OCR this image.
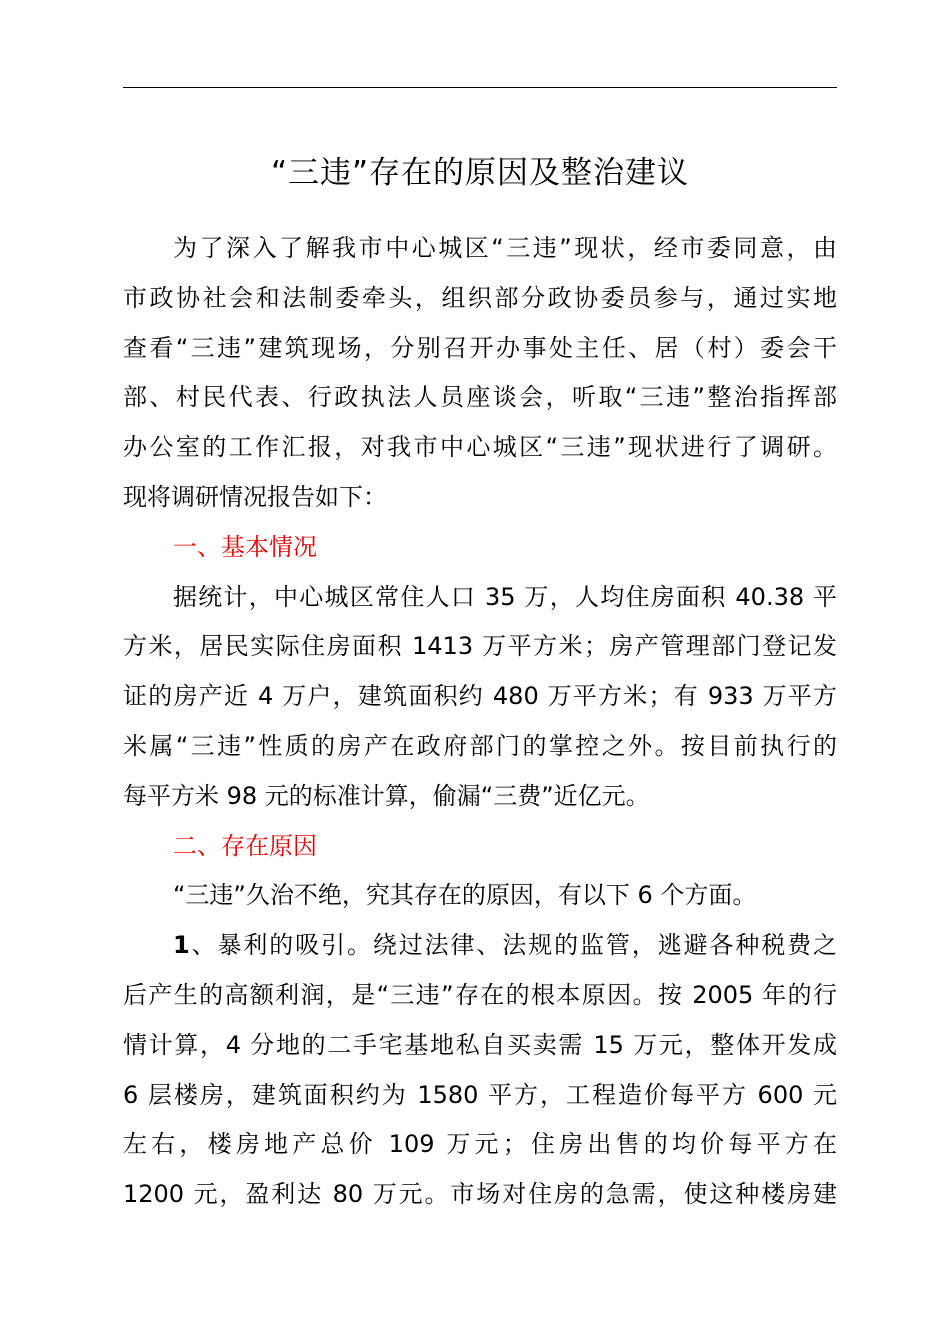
“三违”存在的原因及整治建议
为了深入了解我市中心城区“三违”现状，经市委同意，由
市政协社会和法制委牵头，组织部分政协委员参与，通过实地
查看“三违”建筑现场，分别召开办事处主任、居（村）委会干
部、村民代表、行政执法人员座谈会，听取“三违”整治指挥部
办公室的工作汇报，对我市中心城区“三违”现状进行了调研。
现将调研情况报告如下：
一、基本情况
据统计，中心城区常住人口 35 万，人均住房面积 40.38 平
方米，居民实际住房面积 1413 万平方米；房产管理部门登记发
证的房产近 4 万户，建筑面积约 480 万平方米；有 933 万平方
米属“三违”性质的房产在政府部门的掌控之外。按目前执行的
每平方米 98 元的标准计算，偷漏“三费”近亿元。
二、存在原因
“三违”久治不绝，究其存在的原因，有以下 6 个方面。
1、暴利的吸引。绕过法律、法规的监管，逃避各种税费之
后产生的高额利润，是“三违”存在的根本原因。按 2005 年的行
情计算，4 分地的二手宅基地私自买卖需 15 万元，整体开发成
6 层楼房，建筑面积约为 1580 平方，工程造价每平方 600 元
左右，楼房地产总价 109 万元；住房出售的均价每平方在
1200 元，盈利达 80 万元。市场对住房的急需，使这种楼房建
